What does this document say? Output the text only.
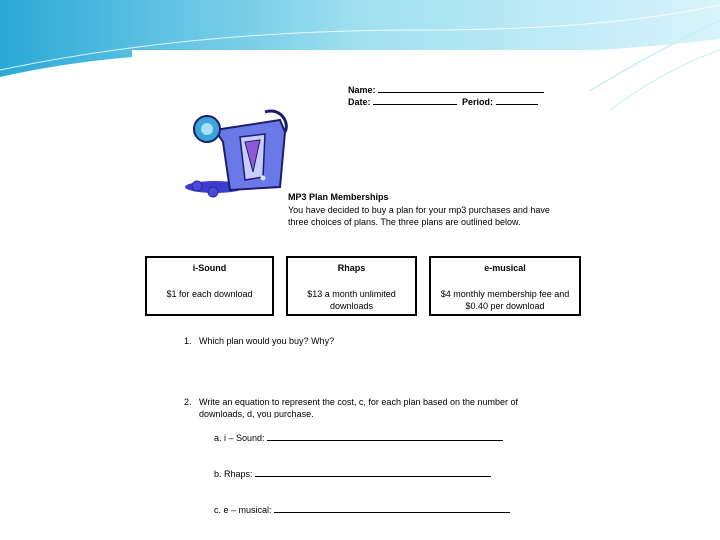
Name:
Date:	Period:
MP3 Plan Memberships
You have decided to buy a plan for your mp3 purchases and have three choices of plans. The three plans are outlined below.
i-Sound
$1 for each download
Rhaps
$13 a month unlimited downloads
e-musical
$4 monthly membership fee and $0.40 per download
1. Which plan would you buy? Why?
2. Write an equation to represent the cost, c, for each plan based on the number of downloads, d, you purchase.
a. i – Sound:
b. Rhaps:
c. e – musical:
